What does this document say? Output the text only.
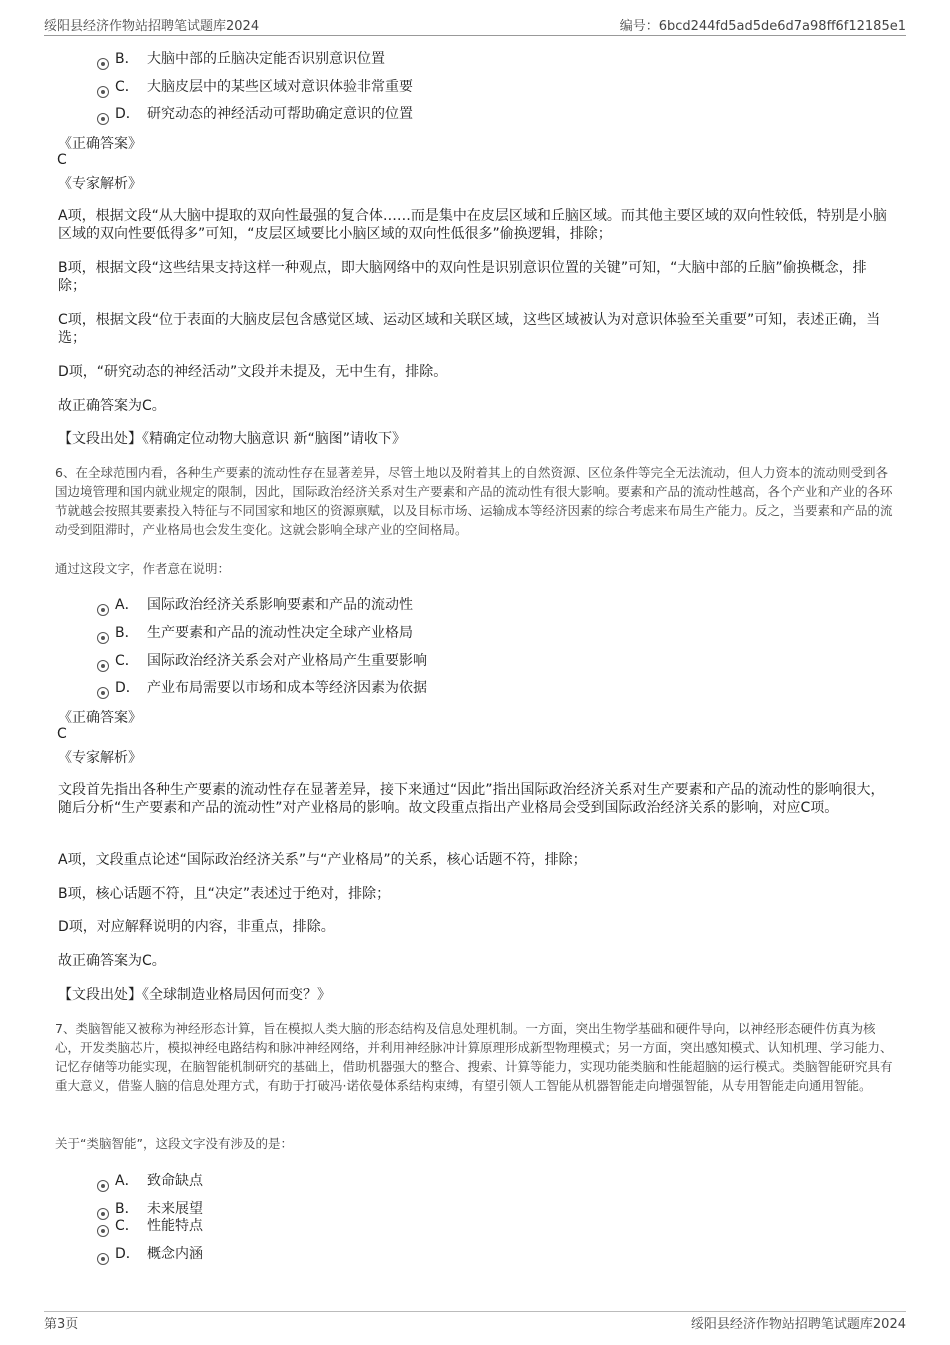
绥阳县经济作物站招聘笔试题库2024	编号：6bcd244fd5ad5de6d7a98ff6f12185e1
B． 大脑中部的丘脑决定能否识别意识位置
C． 大脑皮层中的某些区域对意识体验非常重要
D． 研究动态的神经活动可帮助确定意识的位置
《正确答案》
C
《专家解析》
A项，根据文段“从大脑中提取的双向性最强的复合体……而是集中在皮层区域和丘脑区域。而其他主要区域的双向性较低，特别是小脑区域的双向性要低得多”可知，“皮层区域要比小脑区域的双向性低很多”偷换逻辑，排除；
B项，根据文段“这些结果支持这样一种观点，即大脑网络中的双向性是识别意识位置的关键”可知，“大脑中部的丘脑”偷换概念，排除；
C项，根据文段“位于表面的大脑皮层包含感觉区域、运动区域和关联区域，这些区域被认为对意识体验至关重要”可知，表述正确，当选；
D项，“研究动态的神经活动”文段并未提及，无中生有，排除。
故正确答案为C。
【文段出处】《精确定位动物大脑意识 新“脑图”请收下》
6、在全球范围内看，各种生产要素的流动性存在显著差异，尽管土地以及附着其上的自然资源、区位条件等完全无法流动，但人力资本的流动则受到各国边境管理和国内就业规定的限制，因此，国际政治经济关系对生产要素和产品的流动性有很大影响。要素和产品的流动性越高，各个产业和产业的各环节就越会按照其要素投入特征与不同国家和地区的资源禀赋，以及目标市场、运输成本等经济因素的综合考虑来布局生产能力。反之，当要素和产品的流动受到阻滞时，产业格局也会发生变化。这就会影响全球产业的空间格局。
通过这段文字，作者意在说明：
A． 国际政治经济关系影响要素和产品的流动性
B． 生产要素和产品的流动性决定全球产业格局
C． 国际政治经济关系会对产业格局产生重要影响
D． 产业布局需要以市场和成本等经济因素为依据
《正确答案》
C
《专家解析》
文段首先指出各种生产要素的流动性存在显著差异，接下来通过“因此”指出国际政治经济关系对生产要素和产品的流动性的影响很大，随后分析“生产要素和产品的流动性”对产业格局的影响。故文段重点指出产业格局会受到国际政治经济关系的影响，对应C项。
A项，文段重点论述“国际政治经济关系”与“产业格局”的关系，核心话题不符，排除；
B项，核心话题不符，且“决定”表述过于绝对，排除；
D项，对应解释说明的内容，非重点，排除。
故正确答案为C。
【文段出处】《全球制造业格局因何而变？》
7、类脑智能又被称为神经形态计算，旨在模拟人类大脑的形态结构及信息处理机制。一方面，突出生物学基础和硬件导向，以神经形态硬件仿真为核心，开发类脑芯片，模拟神经电路结构和脉冲神经网络，并利用神经脉冲计算原理形成新型物理模式；另一方面，突出感知模式、认知机理、学习能力、记忆存储等功能实现，在脑智能机制研究的基础上，借助机器强大的整合、搜索、计算等能力，实现功能类脑和性能超脑的运行模式。类脑智能研究具有重大意义，借鉴人脑的信息处理方式，有助于打破冯·诺依曼体系结构束缚，有望引领人工智能从机器智能走向增强智能，从专用智能走向通用智能。
关于“类脑智能”，这段文字没有涉及的是：
A． 致命缺点
B． 未来展望
C． 性能特点
D． 概念内涵
第3页	绥阳县经济作物站招聘笔试题库2024
